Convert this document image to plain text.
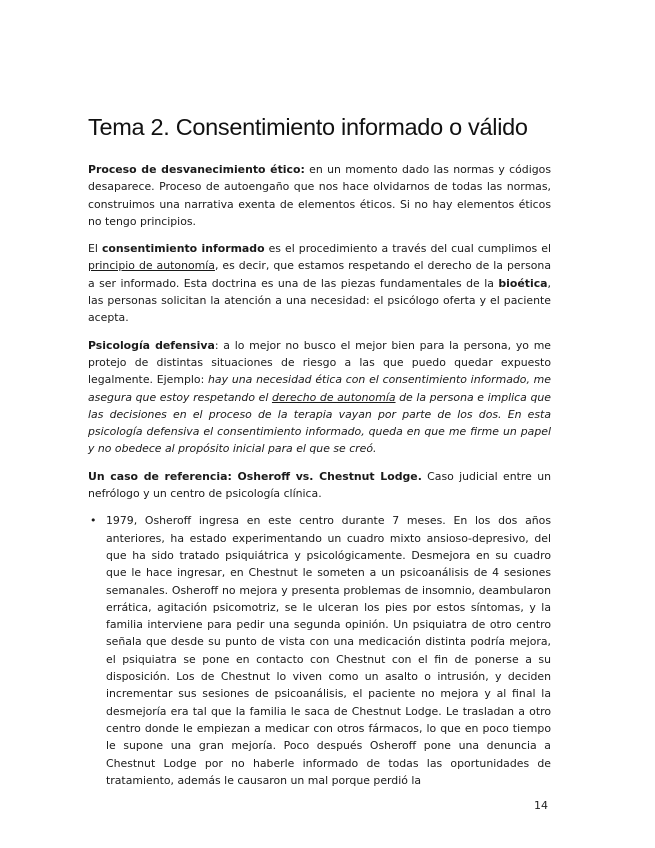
Tema 2. Consentimiento informado o válido

Proceso de desvanecimiento ético: en un momento dado las normas y códigos desaparece. Proceso de autoengaño que nos hace olvidarnos de todas las normas, construimos una narrativa exenta de elementos éticos. Si no hay elementos éticos no tengo principios.

El consentimiento informado es el procedimiento a través del cual cumplimos el principio de autonomía, es decir, que estamos respetando el derecho de la persona a ser informado. Esta doctrina es una de las piezas fundamentales de la bioética, las personas solicitan la atención a una necesidad: el psicólogo oferta y el paciente acepta.

Psicología defensiva: a lo mejor no busco el mejor bien para la persona, yo me protejo de distintas situaciones de riesgo a las que puedo quedar expuesto legalmente. Ejemplo: hay una necesidad ética con el consentimiento informado, me asegura que estoy respetando el derecho de autonomía de la persona e implica que las decisiones en el proceso de la terapia vayan por parte de los dos. En esta psicología defensiva el consentimiento informado, queda en que me firme un papel y no obedece al propósito inicial para el que se creó.

Un caso de referencia: Osheroff vs. Chestnut Lodge. Caso judicial entre un nefrólogo y un centro de psicología clínica.

• 1979, Osheroff ingresa en este centro durante 7 meses. En los dos años anteriores, ha estado experimentando un cuadro mixto ansioso-depresivo, del que ha sido tratado psiquiátrica y psicológicamente. Desmejora en su cuadro que le hace ingresar, en Chestnut le someten a un psicoanálisis de 4 sesiones semanales. Osheroff no mejora y presenta problemas de insomnio, deambularon errática, agitación psicomotriz, se le ulceran los pies por estos síntomas, y la familia interviene para pedir una segunda opinión. Un psiquiatra de otro centro señala que desde su punto de vista con una medicación distinta podría mejora, el psiquiatra se pone en contacto con Chestnut con el fin de ponerse a su disposición. Los de Chestnut lo viven como un asalto o intrusión, y deciden incrementar sus sesiones de psicoanálisis, el paciente no mejora y al final la desmejoría era tal que la familia le saca de Chestnut Lodge. Le trasladan a otro centro donde le empiezan a medicar con otros fármacos, lo que en poco tiempo le supone una gran mejoría. Poco después Osheroff pone una denuncia a Chestnut Lodge por no haberle informado de todas las oportunidades de tratamiento, además le causaron un mal porque perdió la
14
